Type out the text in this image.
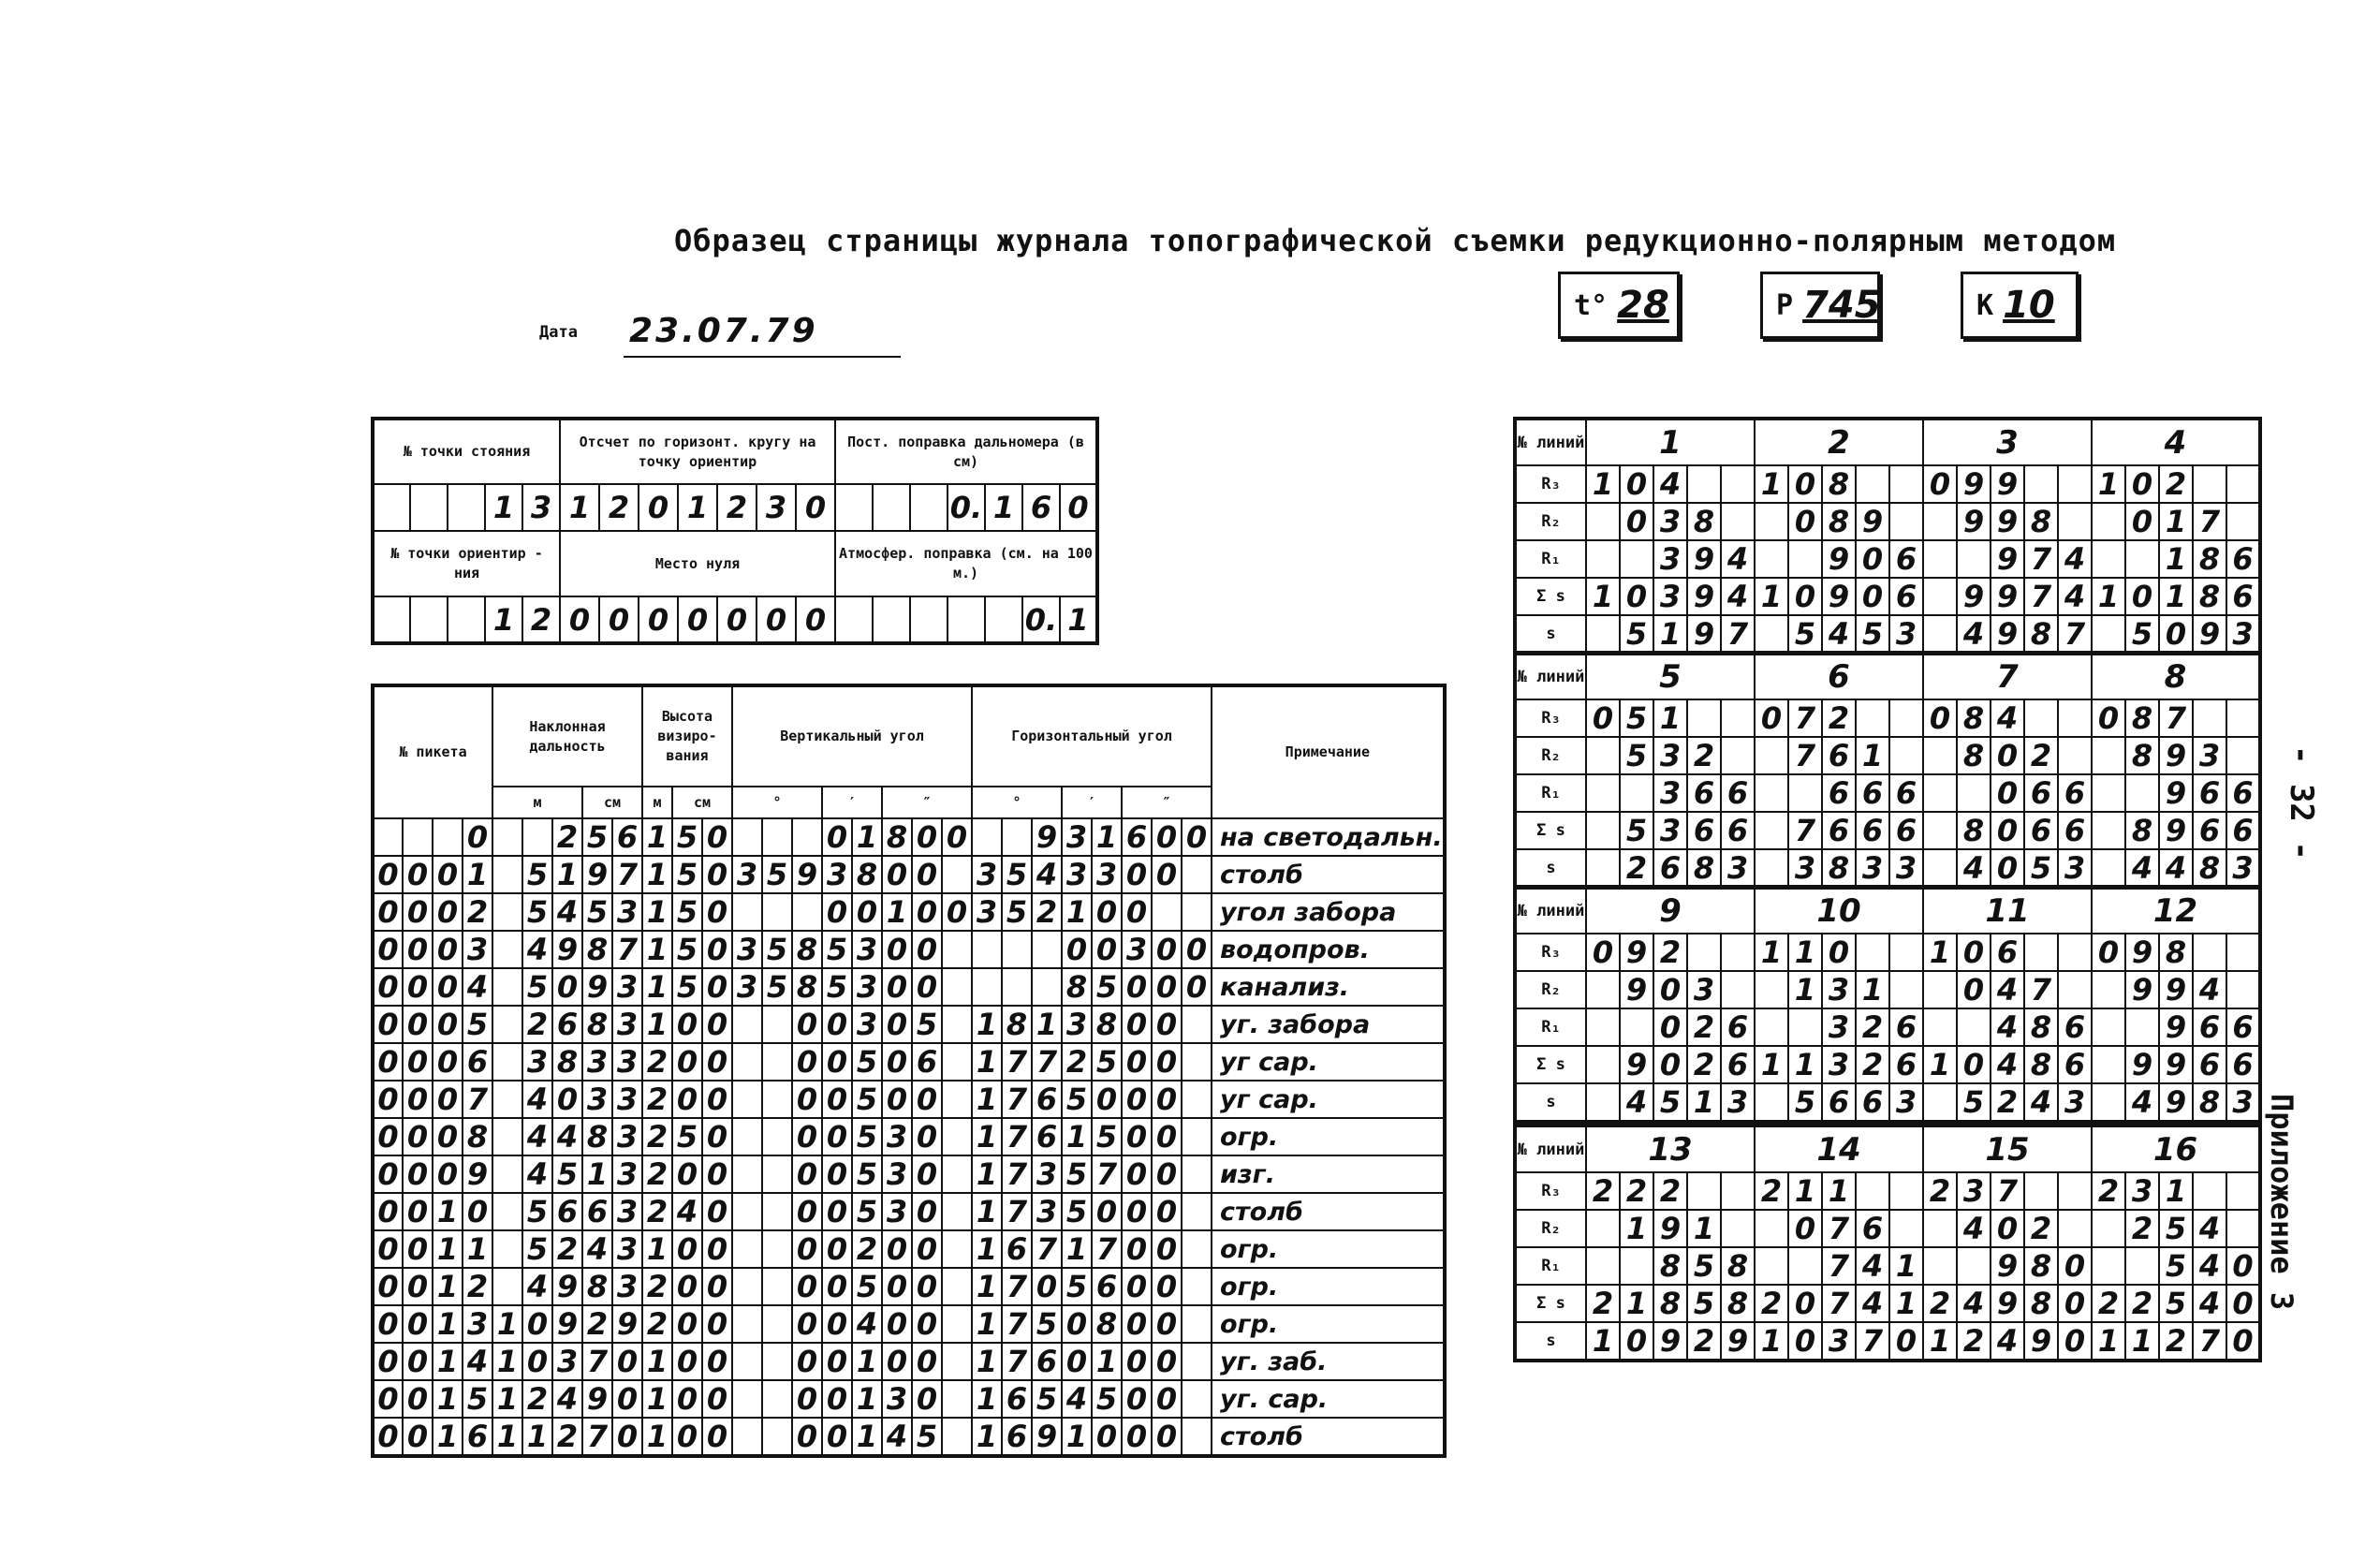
Образец страницы журнала топографической съемки редукционно-полярным методом
Дата 23.07.79
t° 28	P 745	K 10
№ точки стояния					Отсчет по горизонт. кругу на точку ориентир							Пост. поправка дальномера (в см)						
			1	3	1	2	0	1	2	3	0				0.	1	6	0
№ точки ориентир - ния					Место нуля							Атмосфер. поправка (см. на 100 м.)						
			1	2	0	0	0	0	0	0	0						0.	1
№ пикета				Наклонная дальность					Высота визиро- вания			Вертикальный угол								Горизонтальный угол								Примечание
				м			см		м	см		°			′		″			°			′		″			
			0			2	5	6	1	5	0				0	1	8	0	0			9	3	1	6	0	0	на светодальн.
0	0	0	1		5	1	9	7	1	5	0	3	5	9	3	8	0	0		3	5	4	3	3	0	0		столб
0	0	0	2		5	4	5	3	1	5	0				0	0	1	0	0	3	5	2	1	0	0			угол забора
0	0	0	3		4	9	8	7	1	5	0	3	5	8	5	3	0	0					0	0	3	0	0	водопров.
0	0	0	4		5	0	9	3	1	5	0	3	5	8	5	3	0	0					8	5	0	0	0	канализ.
0	0	0	5		2	6	8	3	1	0	0			0	0	3	0	5		1	8	1	3	8	0	0		уг. забора
0	0	0	6		3	8	3	3	2	0	0			0	0	5	0	6		1	7	7	2	5	0	0		уг сар.
0	0	0	7		4	0	3	3	2	0	0			0	0	5	0	0		1	7	6	5	0	0	0		уг сар.
0	0	0	8		4	4	8	3	2	5	0			0	0	5	3	0		1	7	6	1	5	0	0		огр.
0	0	0	9		4	5	1	3	2	0	0			0	0	5	3	0		1	7	3	5	7	0	0		изг.
0	0	1	0		5	6	6	3	2	4	0			0	0	5	3	0		1	7	3	5	0	0	0		столб
0	0	1	1		5	2	4	3	1	0	0			0	0	2	0	0		1	6	7	1	7	0	0		огр.
0	0	1	2		4	9	8	3	2	0	0			0	0	5	0	0		1	7	0	5	6	0	0		огр.
0	0	1	3	1	0	9	2	9	2	0	0			0	0	4	0	0		1	7	5	0	8	0	0		огр.
0	0	1	4	1	0	3	7	0	1	0	0			0	0	1	0	0		1	7	6	0	1	0	0		уг. заб.
0	0	1	5	1	2	4	9	0	1	0	0			0	0	1	3	0		1	6	5	4	5	0	0		уг. сар.
0	0	1	6	1	1	2	7	0	1	0	0			0	0	1	4	5		1	6	9	1	0	0	0		столб
№ линий	1					2					3					4				
R₃	1	0	4			1	0	8			0	9	9			1	0	2		
R₂		0	3	8			0	8	9			9	9	8			0	1	7	
R₁			3	9	4			9	0	6			9	7	4			1	8	6
Σ s	1	0	3	9	4	1	0	9	0	6		9	9	7	4	1	0	1	8	6
s		5	1	9	7		5	4	5	3		4	9	8	7		5	0	9	3
№ линий	5					6					7					8				
R₃	0	5	1			0	7	2			0	8	4			0	8	7		
R₂		5	3	2			7	6	1			8	0	2			8	9	3	
R₁			3	6	6			6	6	6			0	6	6			9	6	6
Σ s		5	3	6	6		7	6	6	6		8	0	6	6		8	9	6	6
s		2	6	8	3		3	8	3	3		4	0	5	3		4	4	8	3
№ линий	9					10					11					12				
R₃	0	9	2			1	1	0			1	0	6			0	9	8		
R₂		9	0	3			1	3	1			0	4	7			9	9	4	
R₁			0	2	6			3	2	6			4	8	6			9	6	6
Σ s		9	0	2	6	1	1	3	2	6	1	0	4	8	6		9	9	6	6
s		4	5	1	3		5	6	6	3		5	2	4	3		4	9	8	3
№ линий	13					14					15					16				
R₃	2	2	2			2	1	1			2	3	7			2	3	1		
R₂		1	9	1			0	7	6			4	0	2			2	5	4	
R₁			8	5	8			7	4	1			9	8	0			5	4	0
Σ s	2	1	8	5	8	2	0	7	4	1	2	4	9	8	0	2	2	5	4	0
s	1	0	9	2	9	1	0	3	7	0	1	2	4	9	0	1	1	2	7	0
- 32 -
Приложение 3
